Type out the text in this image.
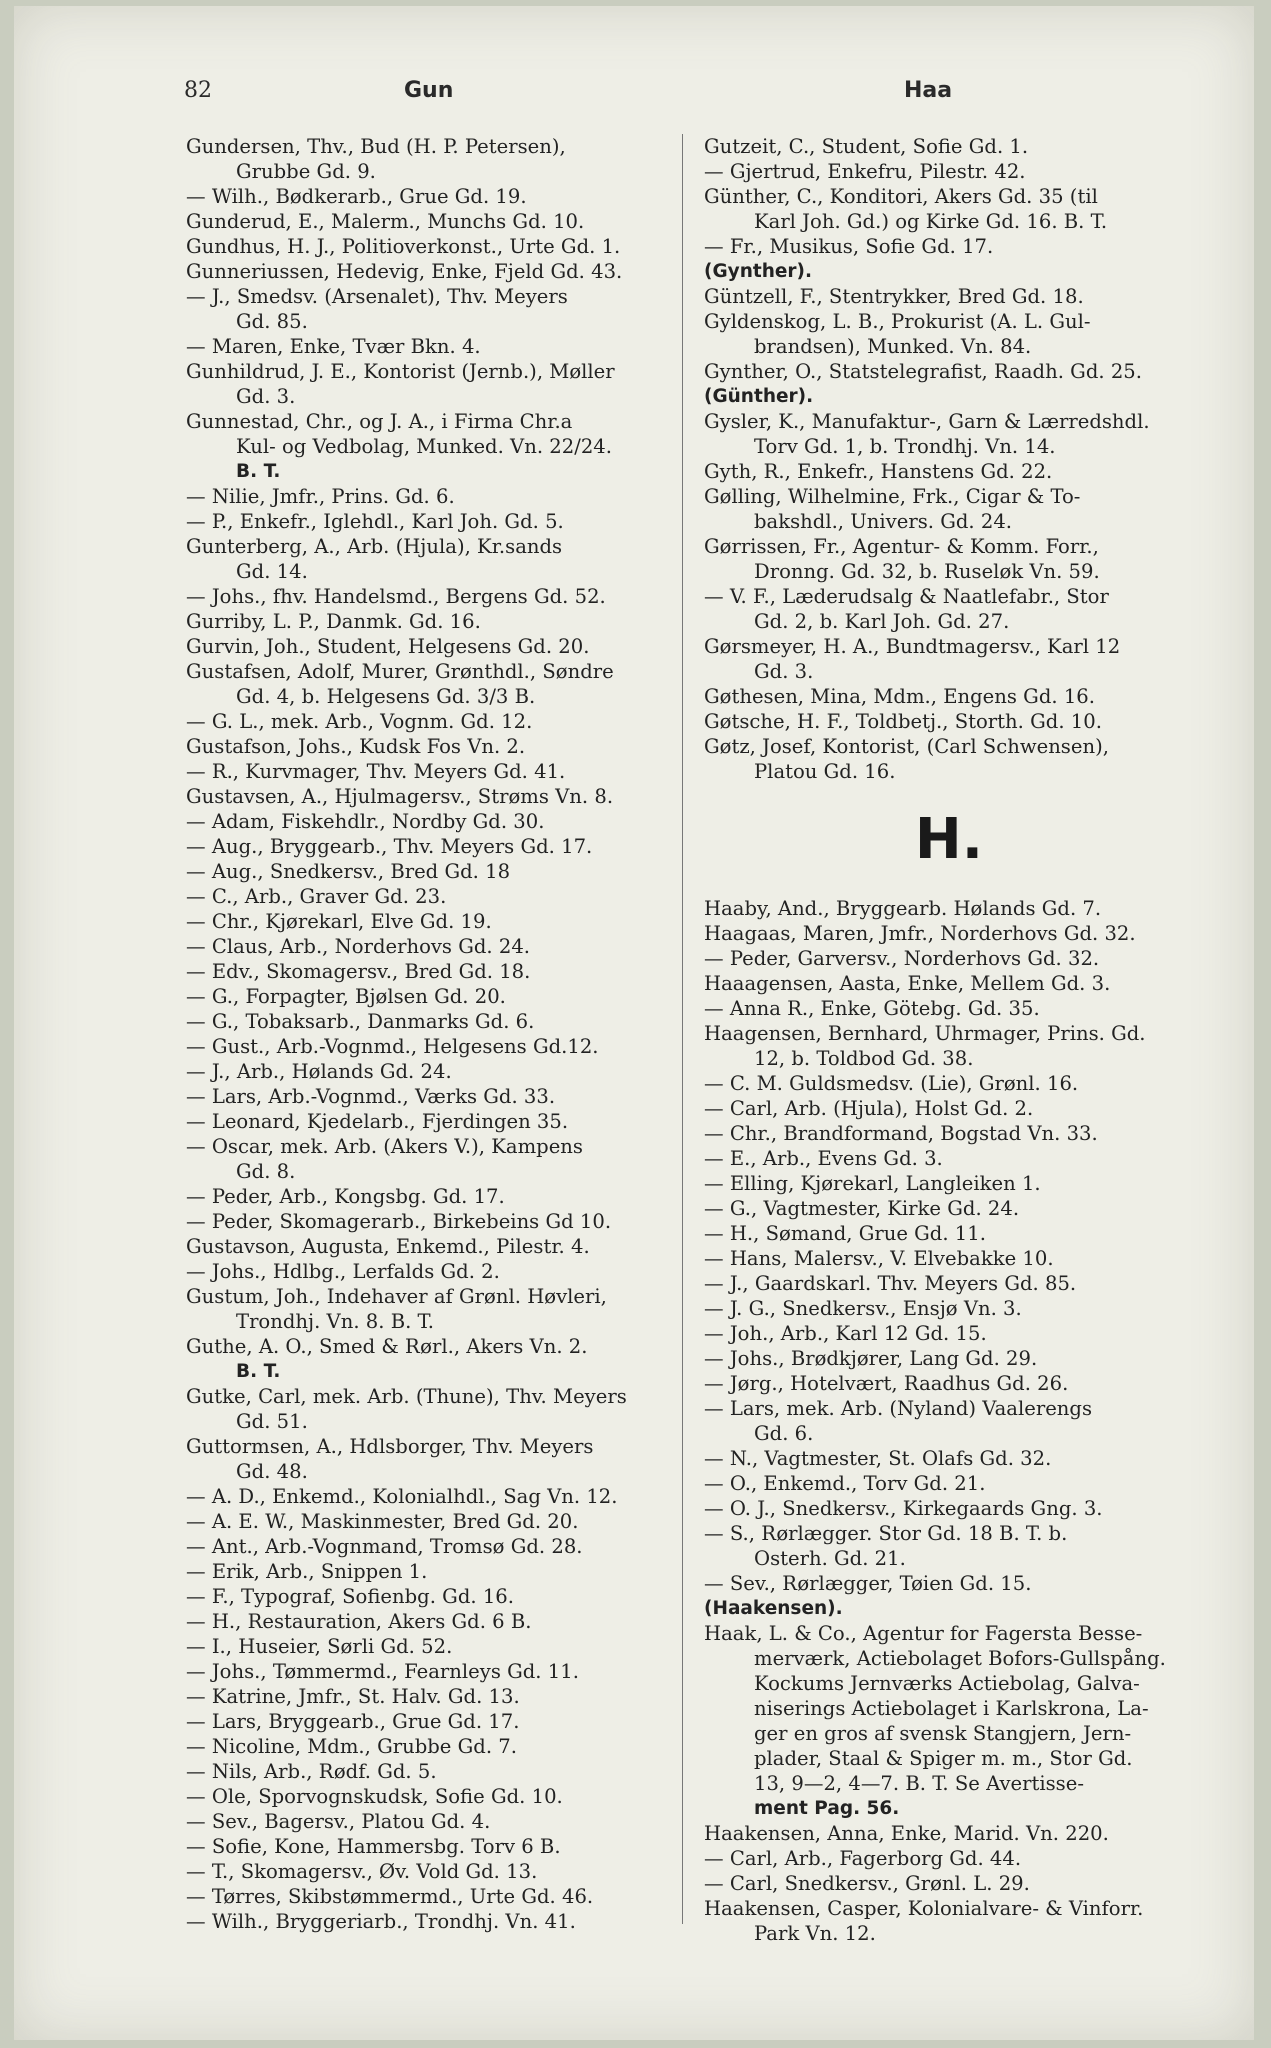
82	Gun	Haa
Gundersen, Thv., Bud (H. P. Petersen),
Grubbe Gd. 9.
— Wilh., Bødkerarb., Grue Gd. 19.
Gunderud, E., Malerm., Munchs Gd. 10.
Gundhus, H. J., Politioverkonst., Urte Gd. 1.
Gunneriussen, Hedevig, Enke, Fjeld Gd. 43.
— J., Smedsv. (Arsenalet), Thv. Meyers
Gd. 85.
— Maren, Enke, Tvær Bkn. 4.
Gunhildrud, J. E., Kontorist (Jernb.), Møller
Gd. 3.
Gunnestad, Chr., og J. A., i Firma Chr.a
Kul- og Vedbolag, Munked. Vn. 22/24.
B. T.
— Nilie, Jmfr., Prins. Gd. 6.
— P., Enkefr., Iglehdl., Karl Joh. Gd. 5.
Gunterberg, A., Arb. (Hjula), Kr.sands
Gd. 14.
— Johs., fhv. Handelsmd., Bergens Gd. 52.
Gurriby, L. P., Danmk. Gd. 16.
Gurvin, Joh., Student, Helgesens Gd. 20.
Gustafsen, Adolf, Murer, Grønthdl., Søndre
Gd. 4, b. Helgesens Gd. 3/3 B.
— G. L., mek. Arb., Vognm. Gd. 12.
Gustafson, Johs., Kudsk Fos Vn. 2.
— R., Kurvmager, Thv. Meyers Gd. 41.
Gustavsen, A., Hjulmagersv., Strøms Vn. 8.
— Adam, Fiskehdlr., Nordby Gd. 30.
— Aug., Bryggearb., Thv. Meyers Gd. 17.
— Aug., Snedkersv., Bred Gd. 18
— C., Arb., Graver Gd. 23.
— Chr., Kjørekarl, Elve Gd. 19.
— Claus, Arb., Norderhovs Gd. 24.
— Edv., Skomagersv., Bred Gd. 18.
— G., Forpagter, Bjølsen Gd. 20.
— G., Tobaksarb., Danmarks Gd. 6.
— Gust., Arb.-Vognmd., Helgesens Gd.12.
— J., Arb., Hølands Gd. 24.
— Lars, Arb.-Vognmd., Værks Gd. 33.
— Leonard, Kjedelarb., Fjerdingen 35.
— Oscar, mek. Arb. (Akers V.), Kampens
Gd. 8.
— Peder, Arb., Kongsbg. Gd. 17.
— Peder, Skomagerarb., Birkebeins Gd 10.
Gustavson, Augusta, Enkemd., Pilestr. 4.
— Johs., Hdlbg., Lerfalds Gd. 2.
Gustum, Joh., Indehaver af Grønl. Høvleri,
Trondhj. Vn. 8. B. T.
Guthe, A. O., Smed & Rørl., Akers Vn. 2.
B. T.
Gutke, Carl, mek. Arb. (Thune), Thv. Meyers
Gd. 51.
Guttormsen, A., Hdlsborger, Thv. Meyers
Gd. 48.
— A. D., Enkemd., Kolonialhdl., Sag Vn. 12.
— A. E. W., Maskinmester, Bred Gd. 20.
— Ant., Arb.-Vognmand, Tromsø Gd. 28.
— Erik, Arb., Snippen 1.
— F., Typograf, Sofienbg. Gd. 16.
— H., Restauration, Akers Gd. 6 B.
— I., Huseier, Sørli Gd. 52.
— Johs., Tømmermd., Fearnleys Gd. 11.
— Katrine, Jmfr., St. Halv. Gd. 13.
— Lars, Bryggearb., Grue Gd. 17.
— Nicoline, Mdm., Grubbe Gd. 7.
— Nils, Arb., Rødf. Gd. 5.
— Ole, Sporvognskudsk, Sofie Gd. 10.
— Sev., Bagersv., Platou Gd. 4.
— Sofie, Kone, Hammersbg. Torv 6 B.
— T., Skomagersv., Øv. Vold Gd. 13.
— Tørres, Skibstømmermd., Urte Gd. 46.
— Wilh., Bryggeriarb., Trondhj. Vn. 41.
Gutzeit, C., Student, Sofie Gd. 1.
— Gjertrud, Enkefru, Pilestr. 42.
Günther, C., Konditori, Akers Gd. 35 (til
Karl Joh. Gd.) og Kirke Gd. 16. B. T.
— Fr., Musikus, Sofie Gd. 17.
(Gynther).
Güntzell, F., Stentrykker, Bred Gd. 18.
Gyldenskog, L. B., Prokurist (A. L. Gul-
brandsen), Munked. Vn. 84.
Gynther, O., Statstelegrafist, Raadh. Gd. 25.
(Günther).
Gysler, K., Manufaktur-, Garn & Lærredshdl.
Torv Gd. 1, b. Trondhj. Vn. 14.
Gyth, R., Enkefr., Hanstens Gd. 22.
Gølling, Wilhelmine, Frk., Cigar & To-
bakshdl., Univers. Gd. 24.
Gørrissen, Fr., Agentur- & Komm. Forr.,
Dronng. Gd. 32, b. Ruseløk Vn. 59.
— V. F., Læderudsalg & Naatlefabr., Stor
Gd. 2, b. Karl Joh. Gd. 27.
Gørsmeyer, H. A., Bundtmagersv., Karl 12
Gd. 3.
Gøthesen, Mina, Mdm., Engens Gd. 16.
Gøtsche, H. F., Toldbetj., Storth. Gd. 10.
Gøtz, Josef, Kontorist, (Carl Schwensen),
Platou Gd. 16.
H.
Haaby, And., Bryggearb. Hølands Gd. 7.
Haagaas, Maren, Jmfr., Norderhovs Gd. 32.
— Peder, Garversv., Norderhovs Gd. 32.
Haaagensen, Aasta, Enke, Mellem Gd. 3.
— Anna R., Enke, Götebg. Gd. 35.
Haagensen, Bernhard, Uhrmager, Prins. Gd.
12, b. Toldbod Gd. 38.
— C. M. Guldsmedsv. (Lie), Grønl. 16.
— Carl, Arb. (Hjula), Holst Gd. 2.
— Chr., Brandformand, Bogstad Vn. 33.
— E., Arb., Evens Gd. 3.
— Elling, Kjørekarl, Langleiken 1.
— G., Vagtmester, Kirke Gd. 24.
— H., Sømand, Grue Gd. 11.
— Hans, Malersv., V. Elvebakke 10.
— J., Gaardskarl. Thv. Meyers Gd. 85.
— J. G., Snedkersv., Ensjø Vn. 3.
— Joh., Arb., Karl 12 Gd. 15.
— Johs., Brødkjører, Lang Gd. 29.
— Jørg., Hotelvært, Raadhus Gd. 26.
— Lars, mek. Arb. (Nyland) Vaalerengs
Gd. 6.
— N., Vagtmester, St. Olafs Gd. 32.
— O., Enkemd., Torv Gd. 21.
— O. J., Snedkersv., Kirkegaards Gng. 3.
— S., Rørlægger. Stor Gd. 18 B. T. b.
Osterh. Gd. 21.
— Sev., Rørlægger, Tøien Gd. 15.
(Haakensen).
Haak, L. & Co., Agentur for Fagersta Besse-
merværk, Actiebolaget Bofors-Gullspång.
Kockums Jernværks Actiebolag, Galva-
niserings Actiebolaget i Karlskrona, La-
ger en gros af svensk Stangjern, Jern-
plader, Staal & Spiger m. m., Stor Gd.
13, 9—2, 4—7. B. T. Se Avertisse-
ment Pag. 56.
Haakensen, Anna, Enke, Marid. Vn. 220.
— Carl, Arb., Fagerborg Gd. 44.
— Carl, Snedkersv., Grønl. L. 29.
Haakensen, Casper, Kolonialvare- & Vinforr.
Park Vn. 12.
